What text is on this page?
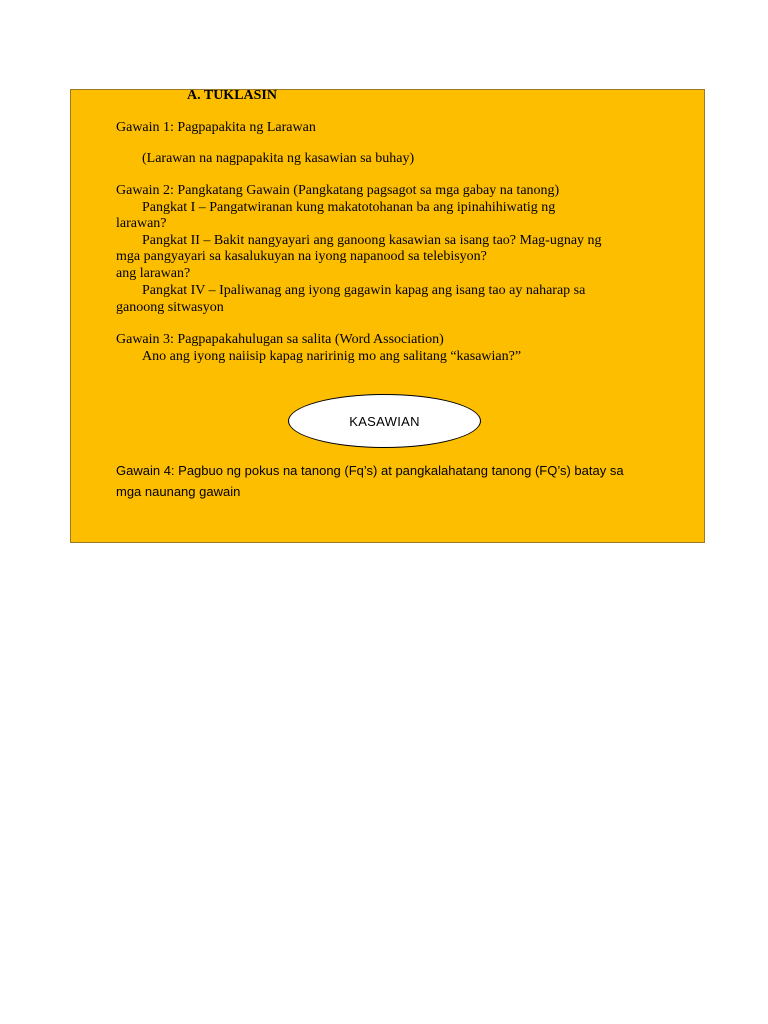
A. TUKLASIN
Gawain 1: Pagpapakita ng Larawan
(Larawan na nagpapakita ng kasawian sa buhay)
Gawain 2: Pangkatang Gawain (Pangkatang pagsagot sa mga gabay na tanong)
Pangkat I – Pangatwiranan kung makatotohanan ba ang ipinahihiwatig ng
larawan?
Pangkat II – Bakit nangyayari ang ganoong kasawian sa isang tao? Mag-ugnay ng
mga pangyayari sa kasalukuyan na iyong napanood sa telebisyon?
ang larawan?
Pangkat IV – Ipaliwanag ang iyong gagawin kapag ang isang tao ay naharap sa
ganoong sitwasyon
Gawain 3: Pagpapakahulugan sa salita (Word Association)
Ano ang iyong naiisip kapag naririnig mo ang salitang “kasawian?”
KASAWIAN
Gawain 4: Pagbuo ng pokus na tanong (Fq’s) at pangkalahatang tanong (FQ’s) batay sa
mga naunang gawain
